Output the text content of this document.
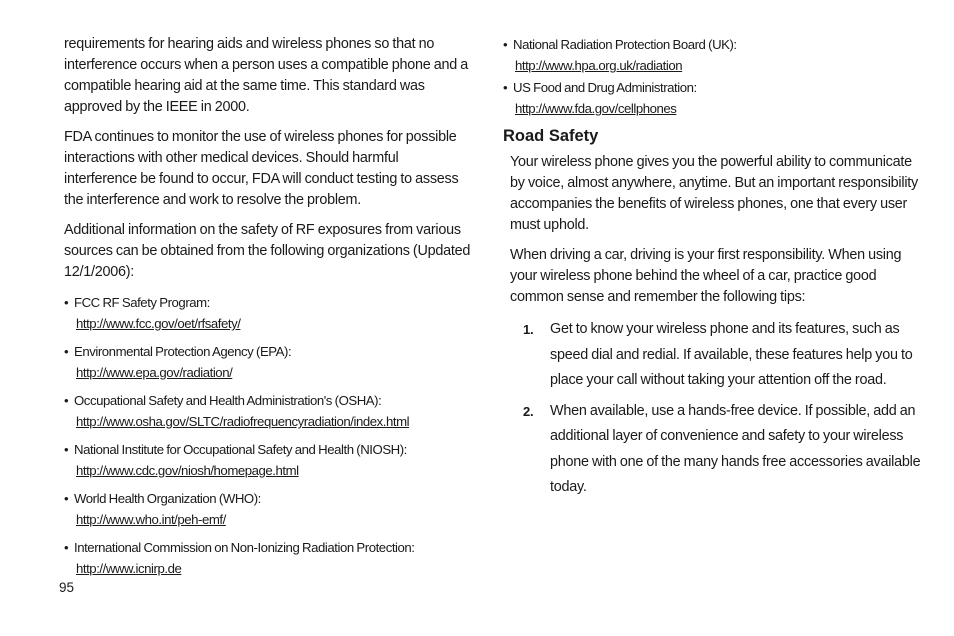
requirements for hearing aids and wireless phones so that no interference occurs when a person uses a compatible phone and a compatible hearing aid at the same time. This standard was approved by the IEEE in 2000.

FDA continues to monitor the use of wireless phones for possible interactions with other medical devices. Should harmful interference be found to occur, FDA will conduct testing to assess the interference and work to resolve the problem.

Additional information on the safety of RF exposures from various sources can be obtained from the following organizations (Updated 12/1/2006):

• FCC RF Safety Program:
http://www.fcc.gov/oet/rfsafety/
• Environmental Protection Agency (EPA):
http://www.epa.gov/radiation/
• Occupational Safety and Health Administration's (OSHA):
http://www.osha.gov/SLTC/radiofrequencyradiation/index.html
• National Institute for Occupational Safety and Health (NIOSH):
http://www.cdc.gov/niosh/homepage.html
• World Health Organization (WHO):
http://www.who.int/peh-emf/
• International Commission on Non-Ionizing Radiation Protection:
http://www.icnirp.de
• National Radiation Protection Board (UK):
http://www.hpa.org.uk/radiation
• US Food and Drug Administration:
http://www.fda.gov/cellphones
Road Safety

Your wireless phone gives you the powerful ability to communicate by voice, almost anywhere, anytime. But an important responsibility accompanies the benefits of wireless phones, one that every user must uphold.

When driving a car, driving is your first responsibility. When using your wireless phone behind the wheel of a car, practice good common sense and remember the following tips:

1. Get to know your wireless phone and its features, such as speed dial and redial. If available, these features help you to place your call without taking your attention off the road.
2. When available, use a hands-free device. If possible, add an additional layer of convenience and safety to your wireless phone with one of the many hands free accessories available today.
95
